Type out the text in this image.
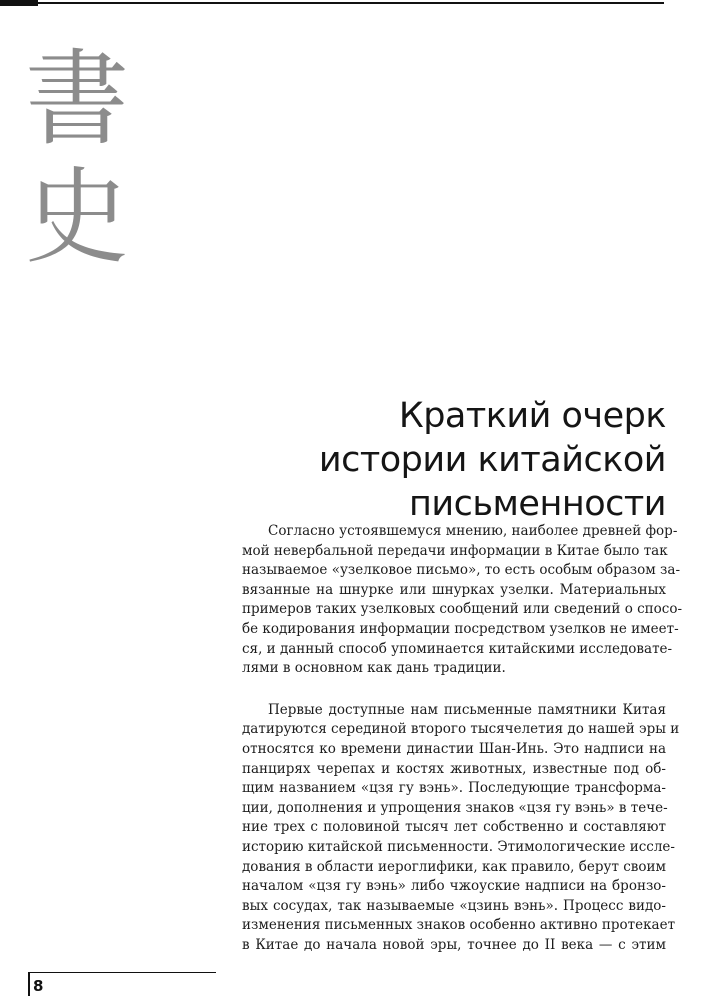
書
史
Краткий очерк
истории китайской
письменности

Согласно устоявшемуся мнению, наиболее древней фор-
мой невербальной передачи информации в Китае было так
называемое «узелковое письмо», то есть особым образом за-
вязанные на шнурке или шнурках узелки. Материальных
примеров таких узелковых сообщений или сведений о спосо-
бе кодирования информации посредством узелков не имеет-
ся, и данный способ упоминается китайскими исследовате-
лями в основном как дань традиции.

Первые доступные нам письменные памятники Китая
датируются серединой второго тысячелетия до нашей эры и
относятся ко времени династии Шан-Инь. Это надписи на
панцирях черепах и костях животных, известные под об-
щим названием «цзя гу вэнь». Последующие трансформа-
ции, дополнения и упрощения знаков «цзя гу вэнь» в тече-
ние трех с половиной тысяч лет собственно и составляют
историю китайской письменности. Этимологические иссле-
дования в области иероглифики, как правило, берут своим
началом «цзя гу вэнь» либо чжоуские надписи на бронзо-
вых сосудах, так называемые «цзинь вэнь». Процесс видо-
изменения письменных знаков особенно активно протекает
в Китае до начала новой эры, точнее до II века — с этим

8
